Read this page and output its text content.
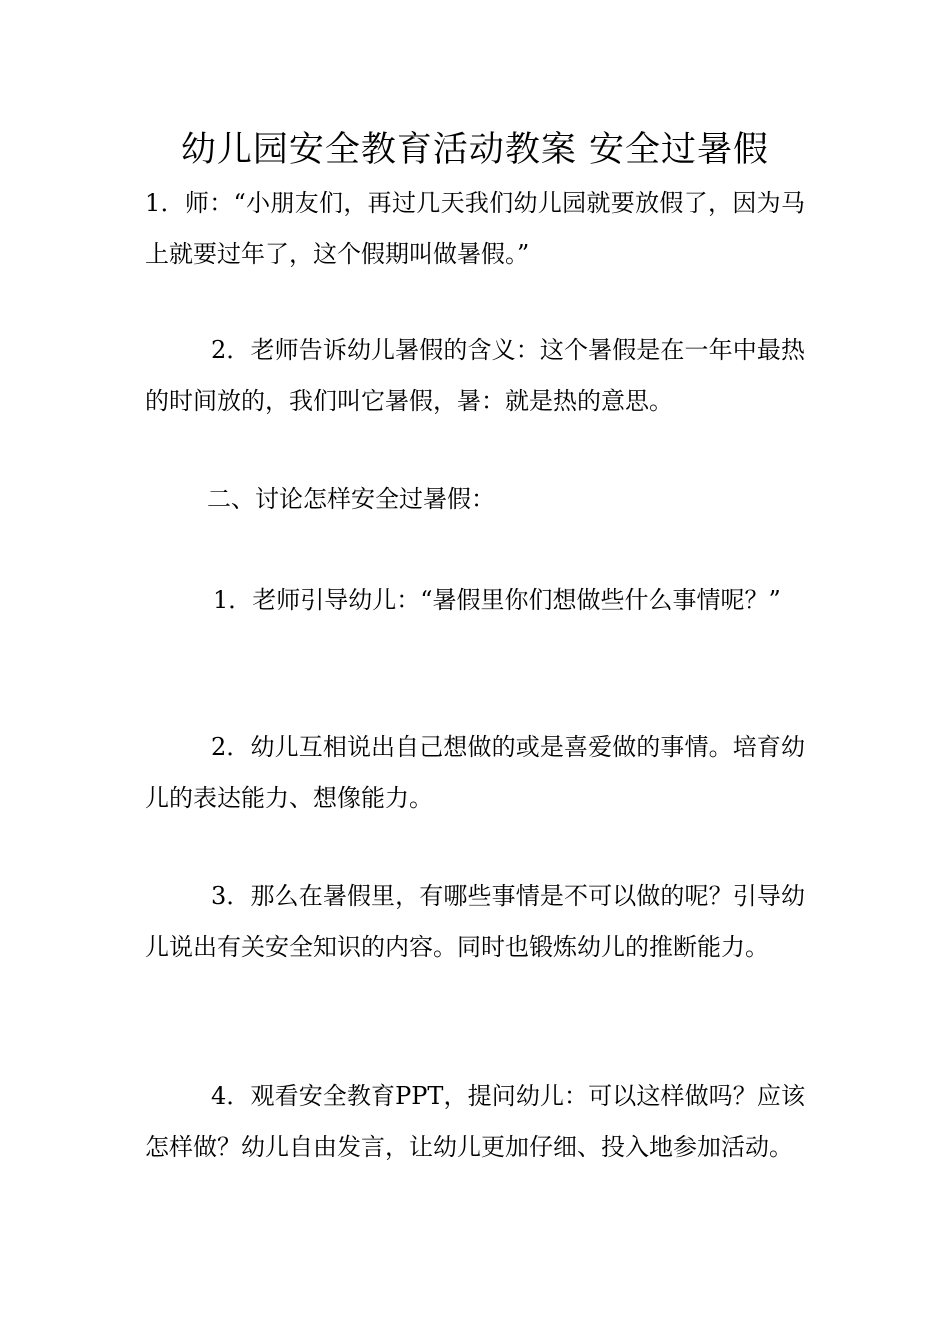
幼儿园安全教育活动教案 安全过暑假
1．师：“小朋友们，再过几天我们幼儿园就要放假了，因为马上就要过年了，这个假期叫做暑假。”
2．老师告诉幼儿暑假的含义：这个暑假是在一年中最热的时间放的，我们叫它暑假，暑：就是热的意思。
二、讨论怎样安全过暑假：
1．老师引导幼儿：“暑假里你们想做些什么事情呢？”
2．幼儿互相说出自己想做的或是喜爱做的事情。培育幼儿的表达能力、想像能力。
3．那么在暑假里，有哪些事情是不可以做的呢？引导幼儿说出有关安全知识的内容。同时也锻炼幼儿的推断能力。
4．观看安全教育PPT，提问幼儿：可以这样做吗？应该怎样做？幼儿自由发言，让幼儿更加仔细、投入地参加活动。
